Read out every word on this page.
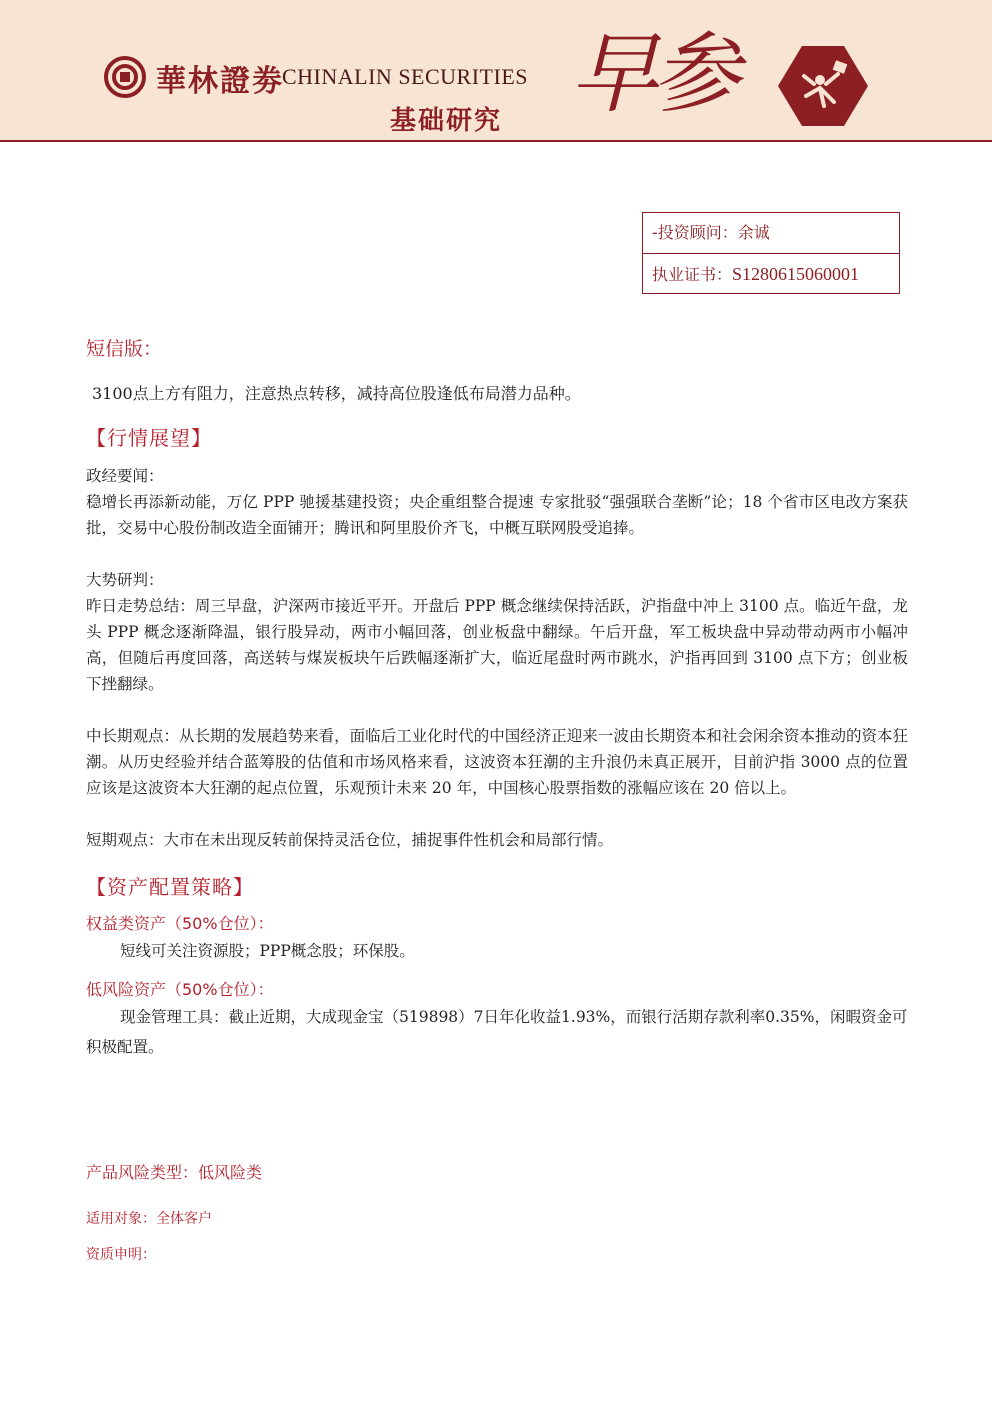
華林證劵
CHINALIN SECURITIES
基础研究 早参
-投资顾问：余诚
执业证书：S1280615060001
短信版：
3100点上方有阻力，注意热点转移，减持高位股逢低布局潜力品种。
【行情展望】
政经要闻：
稳增长再添新动能，万亿 PPP 驰援基建投资；央企重组整合提速 专家批驳“强强联合垄断”论；18 个省市区电改方案获批，交易中心股份制改造全面铺开；腾讯和阿里股价齐飞，中概互联网股受追捧。
大势研判：
昨日走势总结：周三早盘，沪深两市接近平开。开盘后 PPP 概念继续保持活跃，沪指盘中冲上 3100 点。临近午盘，龙头 PPP 概念逐渐降温，银行股异动，两市小幅回落，创业板盘中翻绿。午后开盘，军工板块盘中异动带动两市小幅冲高，但随后再度回落，高送转与煤炭板块午后跌幅逐渐扩大，临近尾盘时两市跳水，沪指再回到 3100 点下方；创业板下挫翻绿。
中长期观点：从长期的发展趋势来看，面临后工业化时代的中国经济正迎来一波由长期资本和社会闲余资本推动的资本狂潮。从历史经验并结合蓝筹股的估值和市场风格来看，这波资本狂潮的主升浪仍未真正展开，目前沪指 3000 点的位置应该是这波资本大狂潮的起点位置，乐观预计未来 20 年，中国核心股票指数的涨幅应该在 20 倍以上。
短期观点：大市在未出现反转前保持灵活仓位，捕捉事件性机会和局部行情。
【资产配置策略】
权益类资产（50%仓位）：
短线可关注资源股；PPP概念股；环保股。
低风险资产（50%仓位）：
现金管理工具：截止近期，大成现金宝（519898）7日年化收益1.93%，而银行活期存款利率0.35%，闲暇资金可积极配置。
产品风险类型：低风险类
适用对象：全体客户
资质申明：
